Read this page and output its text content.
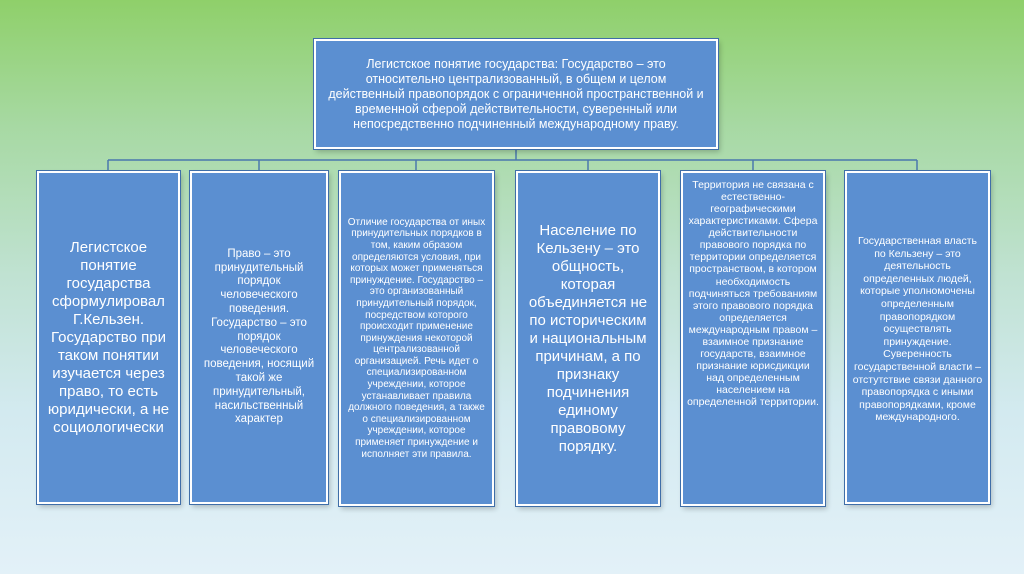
Легистское понятие государства: Государство – это относительно централизованный, в общем и целом действенный правопорядок с ограниченной пространственной и временной сферой действительности, суверенный или непосредственно подчиненный международному праву.
Легистское понятие государства сформулировал Г.Кельзен. Государство при таком понятии изучается через право, то есть юридически, а не социологически
Право – это принудительный порядок человеческого поведения. Государство – это порядок человеческого поведения, носящий такой же принудительный, насильственный характер
Отличие государства от иных принудительных порядков в том, каким образом определяются условия, при которых может применяться принуждение. Государство – это организованный принудительный порядок, посредством которого происходит применение принуждения некоторой централизованной организацией. Речь идет о специализированном учреждении, которое устанавливает правила должного поведения, а также о специализированном учреждении, которое применяет принуждение и исполняет эти правила.
Население по Кельзену – это общность, которая объединяется не по историческим и национальным причинам, а по признаку подчинения единому правовому порядку.
Территория не связана с естественно-географическими характеристиками. Сфера действительности правового порядка по территории определяется пространством, в котором необходимость подчиняться требованиям этого правового порядка определяется международным правом – взаимное признание государств, взаимное признание юрисдикции над определенным населением на определенной территории.
Государственная власть по Кельзену – это деятельность определенных людей, которые уполномочены определенным правопорядком осуществлять принуждение. Суверенность государственной власти – отстутствие связи данного правопорядка с иными правопорядками, кроме международного.
